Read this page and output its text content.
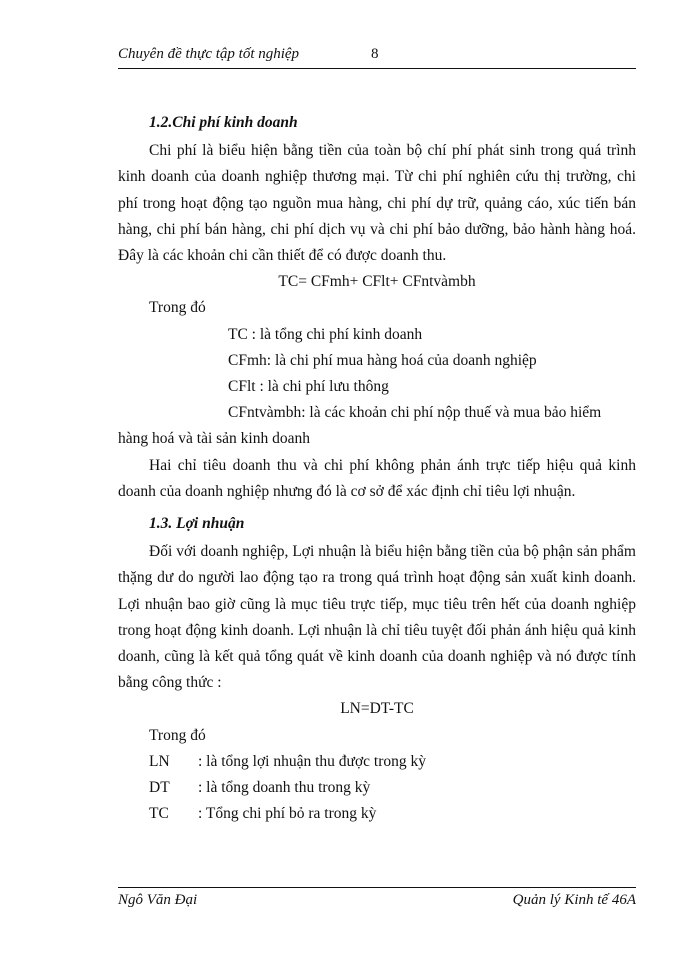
Chuyên đề thực tập tốt nghiệp	8

1.2.Chi phí kinh doanh

Chi phí là biểu hiện bằng tiền của toàn bộ chí phí phát sinh trong quá trình kinh doanh của doanh nghiệp thương mại. Từ chi phí nghiên cứu thị trường, chi phí trong hoạt động tạo nguồn mua hàng, chi phí dự trữ, quảng cáo, xúc tiến bán hàng, chi phí bán hàng, chi phí dịch vụ và chi phí bảo dưỡng, bảo hành hàng hoá. Đây là các khoản chi cần thiết để có được doanh thu.

TC= CFmh+ CFlt+ CFntvàmbh

Trong đó

TC : là tổng chi phí kinh doanh

CFmh: là chi phí mua hàng hoá của doanh nghiệp

CFlt : là chi phí lưu thông

CFntvàmbh: là các khoản chi phí nộp thuế và mua bảo hiểm

hàng hoá và tài sản kinh doanh

Hai chỉ tiêu doanh thu và chi phí không phản ánh trực tiếp hiệu quả kinh doanh của doanh nghiệp nhưng đó là cơ sở để xác định chỉ tiêu lợi nhuận.

1.3. Lợi nhuận

Đối với doanh nghiệp, Lợi nhuận là biểu hiện bằng tiền của bộ phận sản phẩm thặng dư do người lao động tạo ra trong quá trình hoạt động sản xuất kinh doanh. Lợi nhuận bao giờ cũng là mục tiêu trực tiếp, mục tiêu trên hết của doanh nghiệp trong hoạt động kinh doanh. Lợi nhuận là chỉ tiêu tuyệt đối phản ánh hiệu quả kinh doanh, cũng là kết quả tổng quát về kinh doanh của doanh nghiệp và nó được tính bằng công thức :

LN=DT-TC

Trong đó

LN	: là tổng lợi nhuận thu được trong kỳ
DT	: là tổng doanh thu trong kỳ
TC	: Tổng chi phí bỏ ra trong kỳ
Ngô Văn Đại	Quản lý Kinh tế 46A
